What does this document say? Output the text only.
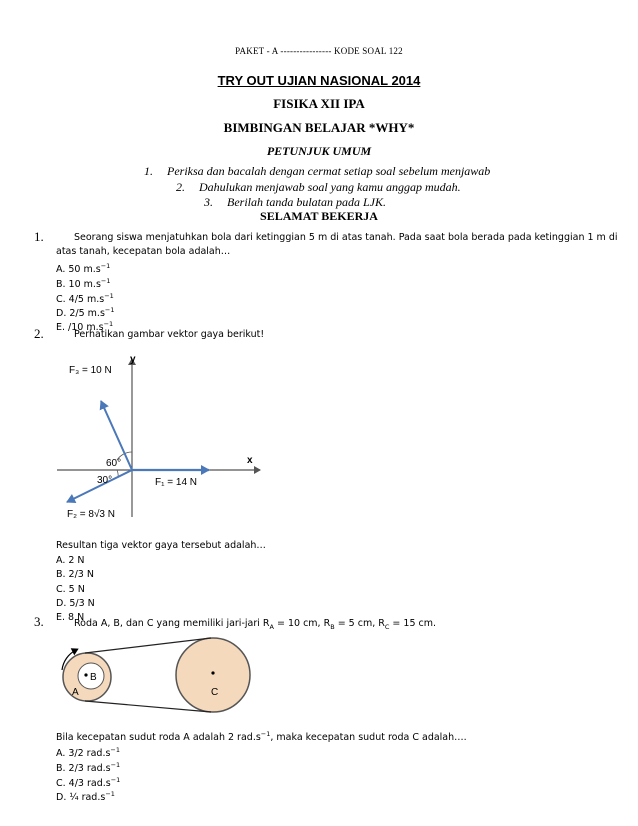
PAKET - A ---------------- KODE SOAL 122
TRY OUT UJIAN NASIONAL 2014
FISIKA XII IPA
BIMBINGAN BELAJAR *WHY*
PETUNJUK UMUM
1. Periksa dan bacalah dengan cermat setiap soal sebelum menjawab
2. Dahulukan menjawab soal yang kamu anggap mudah.
3. Berilah tanda bulatan pada LJK.
SELAMAT BEKERJA
1.	Seorang siswa menjatuhkan bola dari ketinggian 5 m di atas tanah. Pada saat bola berada pada ketinggian 1 m di
atas tanah, kecepatan bola adalah…
A. 50 $m.s^{-1}$
B. 10 $m.s^{-1}$
C. 4/5 $m.s^{-1}$
D. 2/5 $m.s^{-1}$
E. /10 $m.s^{-1}$
2.	Perhatikan gambar vektor gaya berikut!
y
x
F₃ = 10 N
60°
30°	F₁ = 14 N
F₂ = 8√3 N
Resultan tiga vektor gaya tersebut adalah…
A. 2 N
B. 2/3 N
C. 5 N
D. 5/3 N
E. 8 N
3.	Roda A, B, dan C yang memiliki jari-jari $R_A = 10$ cm, $R_B = 5$ cm, $R_C = 15$ cm.
B
A	C
Bila kecepatan sudut roda A adalah 2 $rad.s^{-1}$, maka kecepatan sudut roda C adalah….
A. 3/2 $rad.s^{-1}$
B. 2/3 $rad.s^{-1}$
C. 4/3 $rad.s^{-1}$
D. ¼ $rad.s^{-1}$
